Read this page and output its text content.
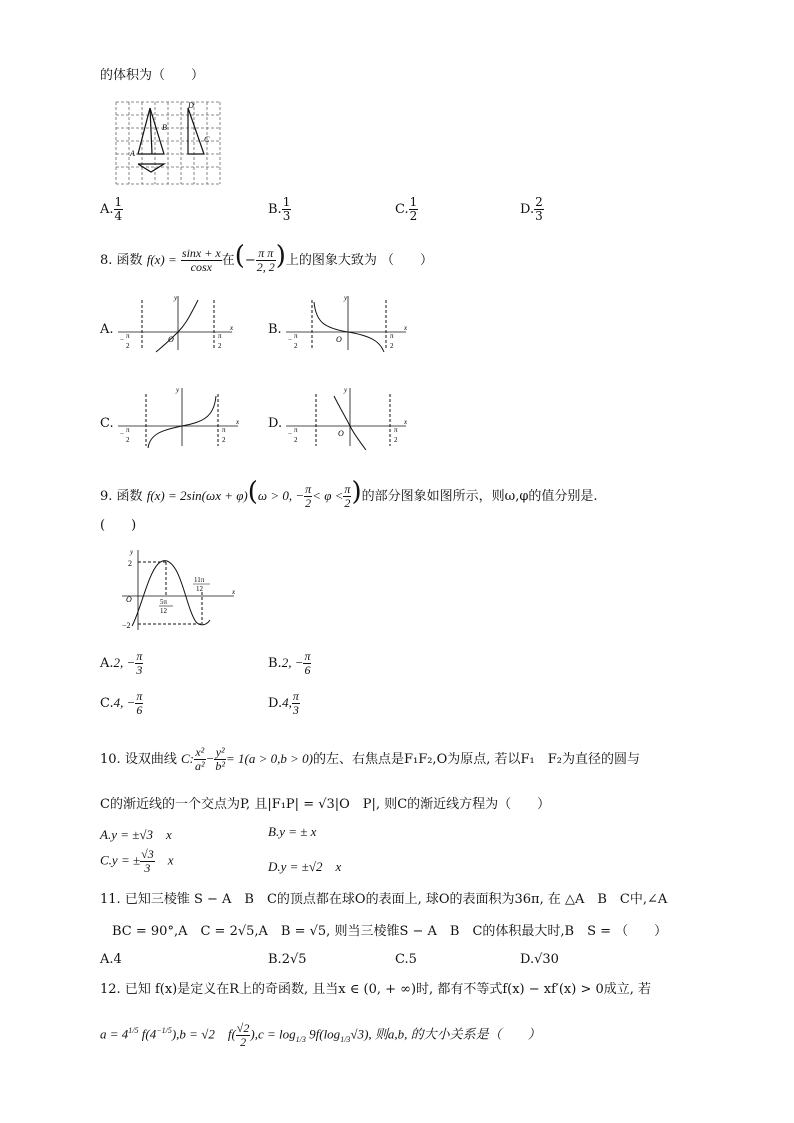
的体积为（　　）
B
A
D
C
A. $\frac{1}{4}$	B. $\frac{1}{3}$	C. $\frac{1}{2}$	D. $\frac{2}{3}$
8. 函数 $f(x) = \frac{\sin x + x}{\cos x}$ 在(− $\frac{\text{π π}}{2, 2}$ )上的图象大致为 （　　）
A.	x
y
O
− π
2
π
2
B.	x
y
O
− π
2
π
2
C.	x
y
− π
2
π
2
D.	x
y
O
− π
2
π
2
9. 函数 f(x) = 2sin(ωx + φ)(ω > 0, − $\frac{\pi}{2} < \varphi < \frac{\pi}{2}$ )的部分图象如图所示，则ω,φ的值分别是.
(　　)
x
y
2
−2
O	5π
12
11π
12
A.2, − $\frac{\pi}{3}$	B.2, − $\frac{\pi}{6}$
C.4, − $\frac{\pi}{6}$	D.4, $\frac{\pi}{3}$
10. 设双曲线 C: $\frac{\text{x²}}{\text{a²}} - \frac{\text{y²}}{\text{b²}} = 1(a > 0,b > 0)$的左、右焦点是F₁F₂,O为原点, 若以F₁　F₂为直径的圆与
C的渐近线的一个交点为P, 且|F₁P| = √3|O　P|, 则C的渐近线方程为（　　）
A.y = ±√3　x	B.y = ± x
C.y = ± $\frac{√3}{3}$ 　x	D.y = ±√2　x
11. 已知三棱锥 S − A　B　C的顶点都在球O的表面上, 球O的表面积为36π, 在 △A　B　C中,∠A
BC = 90°,A　C = 2√5,A　B = √5, 则当三棱锥S − A　B　C的体积最大时,B　S = （　　）
A.4	B.2√5	C.5	D.√30
12. 已知 f(x)是定义在R上的奇函数, 且当x ∈ (0, + ∞)时, 都有不等式f(x) − xf′(x) > 0成立, 若
$a = 4^{1/5}$ $f(4^{-1/5}),b = √2$　$f( \frac{√2}{2} ),c = \log_{1/3} 9f(\log_{1/3}√3)$, 则a,b, 的大小关系是（　　）
